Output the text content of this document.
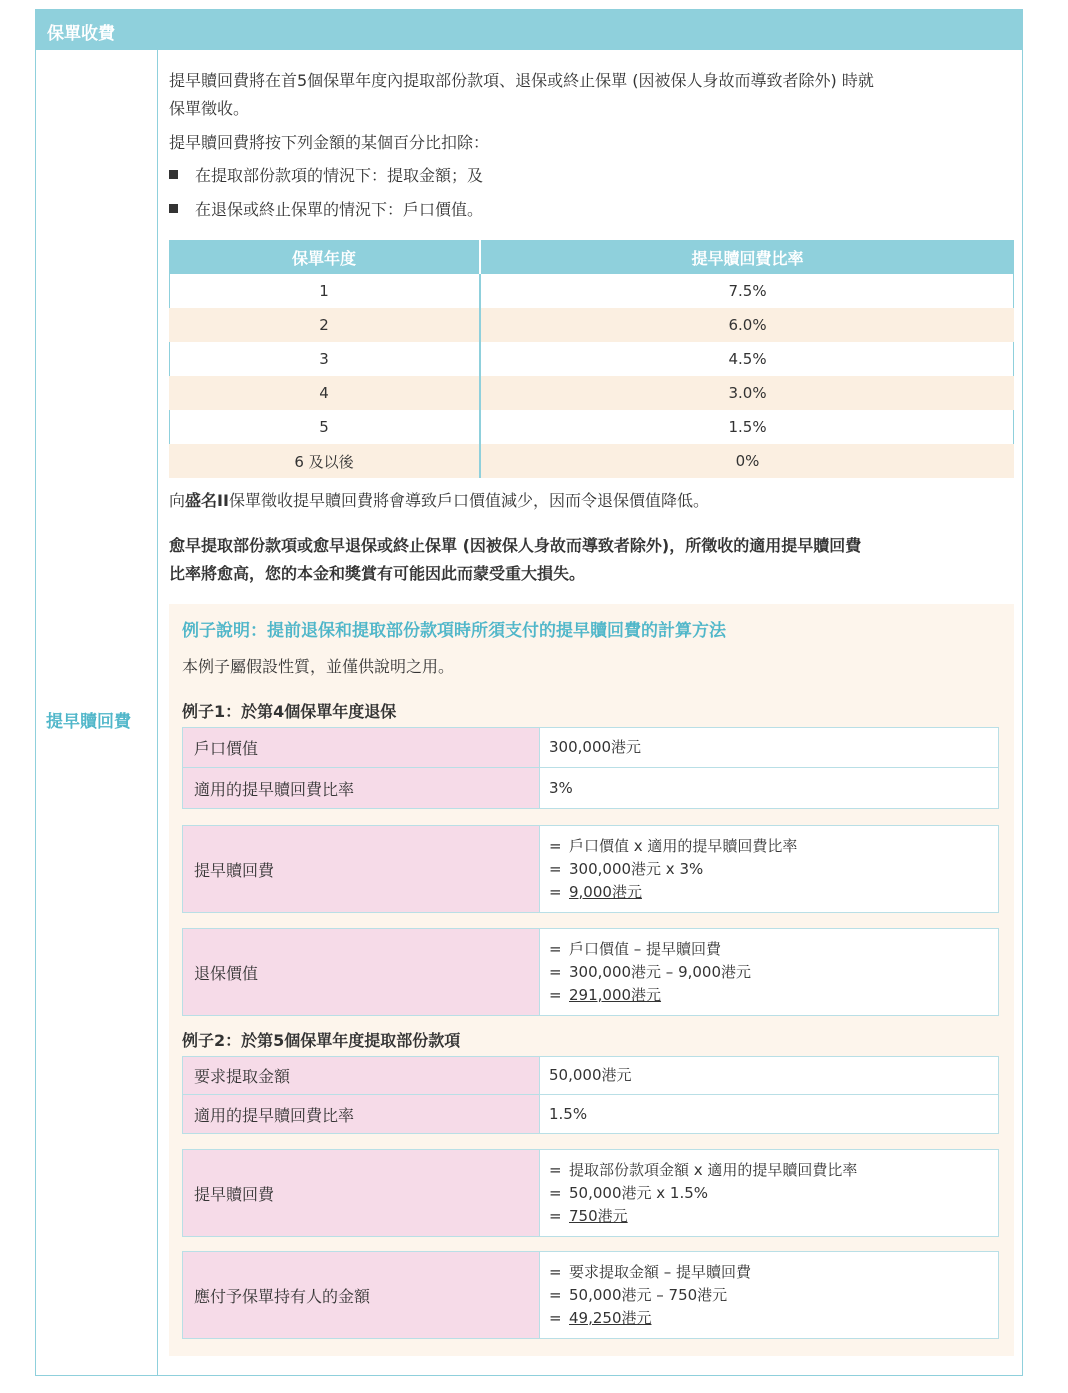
保單收費
提早贖回費
提早贖回費將在首5個保單年度內提取部份款項、退保或終止保單 (因被保人身故而導致者除外) 時就
保單徵收。
提早贖回費將按下列金額的某個百分比扣除：
在提取部份款項的情況下：提取金額；及
在退保或終止保單的情況下：戶口價值。
保單年度	提早贖回費比率
1	7.5%
2	6.0%
3	4.5%
4	3.0%
5	1.5%
6 及以後	0%
向盛名II保單徵收提早贖回費將會導致戶口價值減少，因而令退保價值降低。
愈早提取部份款項或愈早退保或終止保單 (因被保人身故而導致者除外)，所徵收的適用提早贖回費
比率將愈高，您的本金和獎賞有可能因此而蒙受重大損失。
例子說明：提前退保和提取部份款項時所須支付的提早贖回費的計算方法
本例子屬假設性質，並僅供說明之用。
例子1：於第4個保單年度退保
戶口價值	300,000港元
適用的提早贖回費比率	3%
提早贖回費
= 戶口價值 x 適用的提早贖回費比率
= 300,000港元 x 3%
= 9,000港元
退保價值
= 戶口價值 – 提早贖回費
= 300,000港元 – 9,000港元
= 291,000港元
例子2：於第5個保單年度提取部份款項
要求提取金額	50,000港元
適用的提早贖回費比率	1.5%
提早贖回費
= 提取部份款項金額 x 適用的提早贖回費比率
= 50,000港元 x 1.5%
= 750港元
應付予保單持有人的金額
= 要求提取金額 – 提早贖回費
= 50,000港元 – 750港元
= 49,250港元
